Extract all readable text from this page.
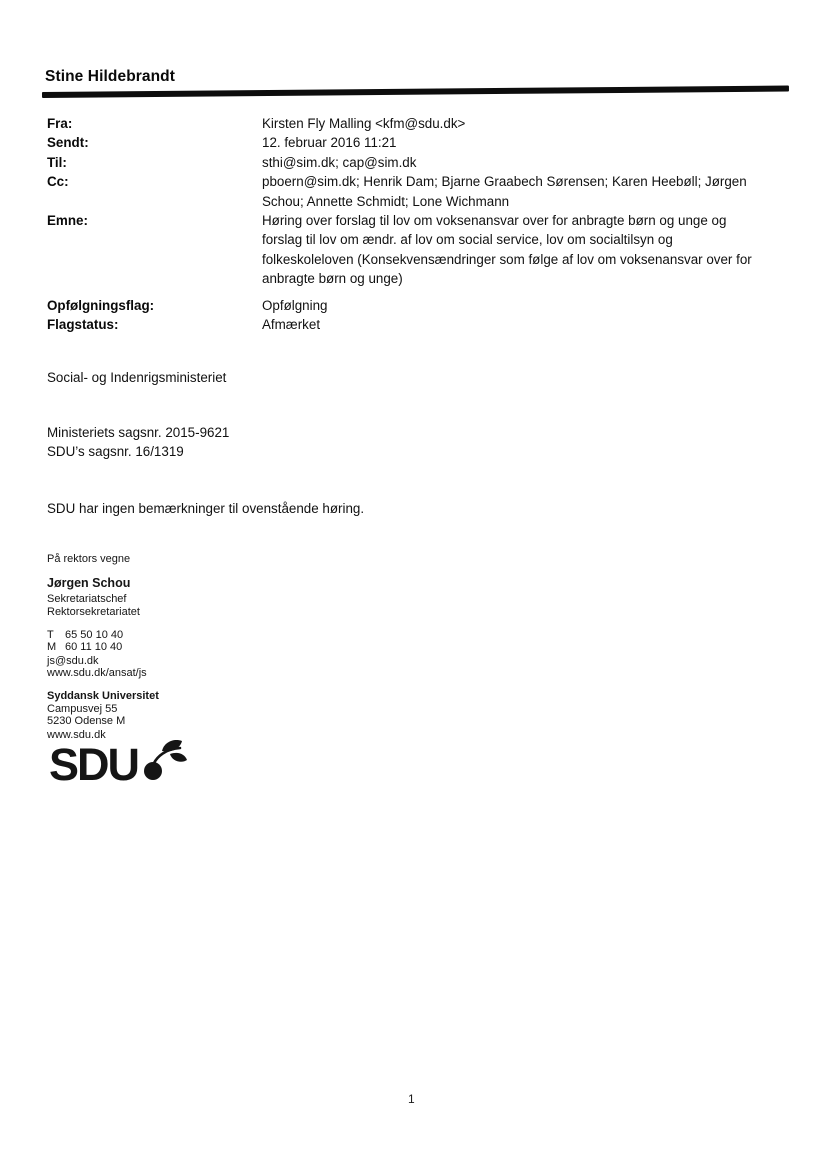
Stine Hildebrandt
Fra:	Kirsten Fly Malling <kfm@sdu.dk>
Sendt:	12. februar 2016 11:21
Til:	sthi@sim.dk; cap@sim.dk
Cc:	pboern@sim.dk; Henrik Dam; Bjarne Graabech Sørensen; Karen Heebøll; Jørgen
Schou; Annette Schmidt; Lone Wichmann
Emne:	Høring over forslag til lov om voksenansvar over for anbragte børn og unge og
forslag til lov om ændr. af lov om social service, lov om socialtilsyn og
folkeskoleloven (Konsekvensændringer som følge af lov om voksenansvar over for
anbragte børn og unge)
Opfølgningsflag:	Opfølgning
Flagstatus:	Afmærket
Social- og Indenrigsministeriet
Ministeriets sagsnr. 2015-9621
SDU’s sagsnr. 16/1319
SDU har ingen bemærkninger til ovenstående høring.
På rektors vegne
Jørgen Schou
Sekretariatschef
Rektorsekretariatet
T	65 50 10 40
M 60 11 10 40
js@sdu.dk
www.sdu.dk/ansat/js
Syddansk Universitet
Campusvej 55
5230 Odense M
www.sdu.dk
SDU
1
